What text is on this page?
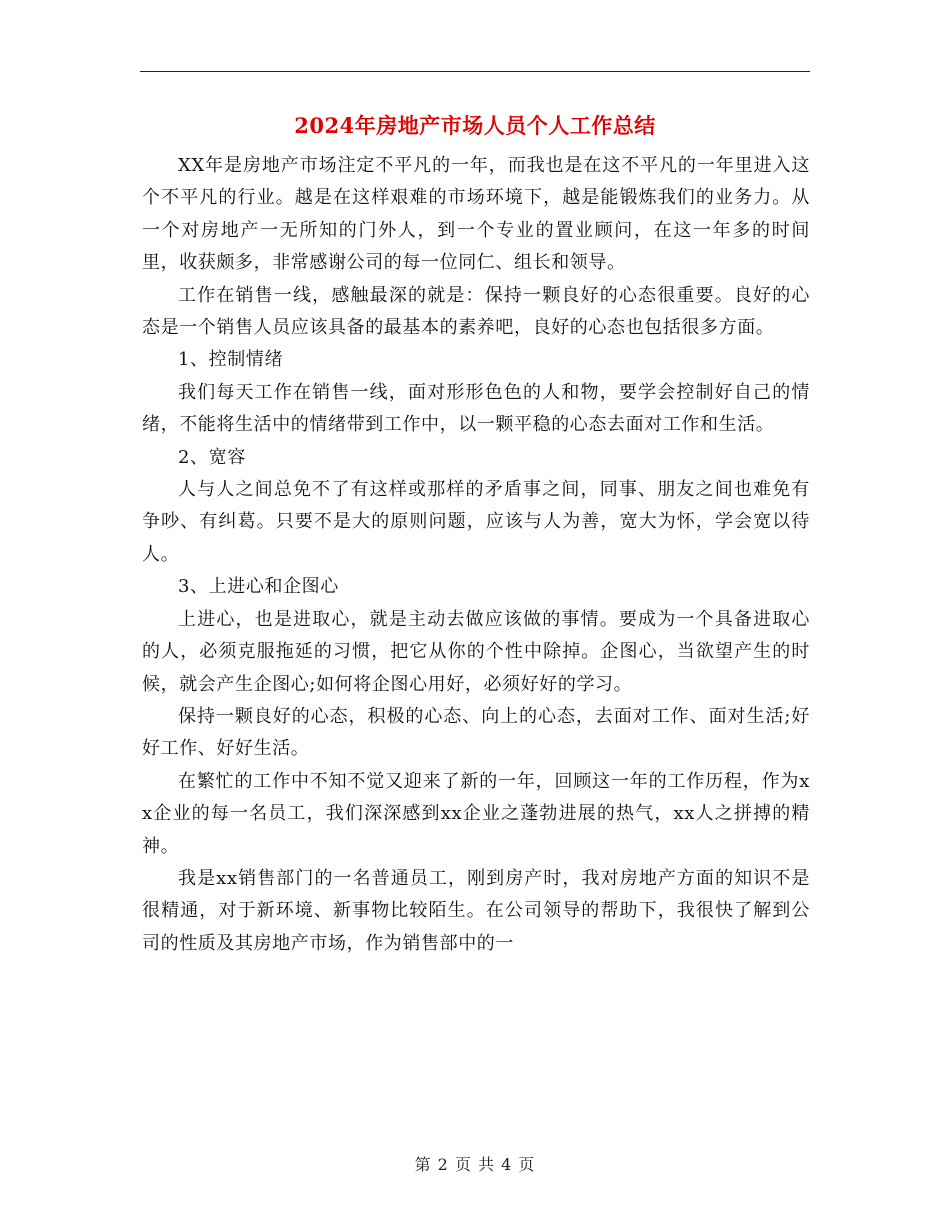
2024年房地产市场人员个人工作总结

XX年是房地产市场注定不平凡的一年，而我也是在这不平凡的一年里进入这个不平凡的行业。越是在这样艰难的市场环境下，越是能锻炼我们的业务力。从一个对房地产一无所知的门外人，到一个专业的置业顾问，在这一年多的时间里，收获颇多，非常感谢公司的每一位同仁、组长和领导。

工作在销售一线，感触最深的就是：保持一颗良好的心态很重要。良好的心态是一个销售人员应该具备的最基本的素养吧，良好的心态也包括很多方面。

1、控制情绪

我们每天工作在销售一线，面对形形色色的人和物，要学会控制好自己的情绪，不能将生活中的情绪带到工作中，以一颗平稳的心态去面对工作和生活。

2、宽容

人与人之间总免不了有这样或那样的矛盾事之间，同事、朋友之间也难免有争吵、有纠葛。只要不是大的原则问题，应该与人为善，宽大为怀，学会宽以待人。

3、上进心和企图心

上进心，也是进取心，就是主动去做应该做的事情。要成为一个具备进取心的人，必须克服拖延的习惯，把它从你的个性中除掉。企图心，当欲望产生的时候，就会产生企图心;如何将企图心用好，必须好好的学习。

保持一颗良好的心态，积极的心态、向上的心态，去面对工作、面对生活;好好工作、好好生活。

在繁忙的工作中不知不觉又迎来了新的一年，回顾这一年的工作历程，作为xx企业的每一名员工，我们深深感到xx企业之蓬勃进展的热气，xx人之拼搏的精神。

我是xx销售部门的一名普通员工，刚到房产时，我对房地产方面的知识不是很精通，对于新环境、新事物比较陌生。在公司领导的帮助下，我很快了解到公司的性质及其房地产市场，作为销售部中的一

第 2 页 共 4 页
